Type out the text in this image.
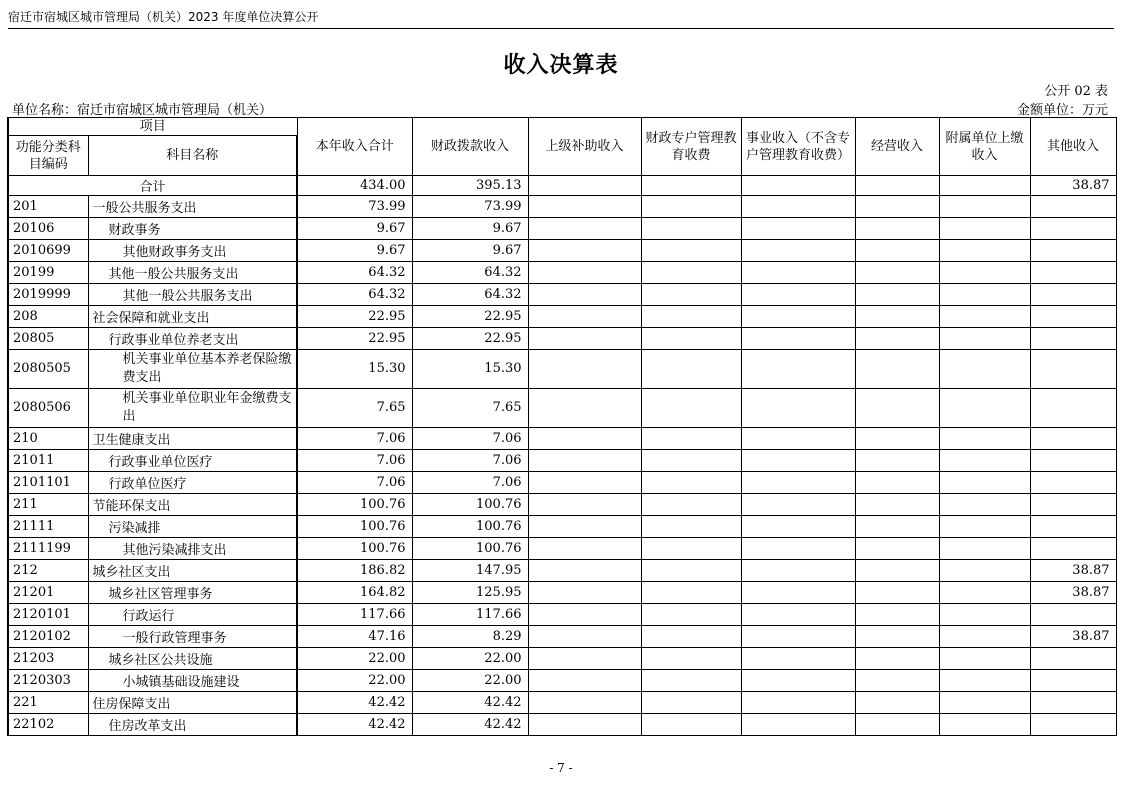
宿迁市宿城区城市管理局（机关）2023 年度单位决算公开
收入决算表
公开 02 表
单位名称：宿迁市宿城区城市管理局（机关）	金额单位：万元
项目		本年收入合计	财政拨款收入	上级补助收入	财政专户管理教育收费	事业收入（不含专户管理教育收费）	经营收入	附属单位上缴收入	其他收入
功能分类科目编码	科目名称								
合计		434.00	395.13						38.87
201	一般公共服务支出	73.99	73.99						
20106	财政事务	9.67	9.67						
2010699	其他财政事务支出	9.67	9.67						
20199	其他一般公共服务支出	64.32	64.32						
2019999	其他一般公共服务支出	64.32	64.32						
208	社会保障和就业支出	22.95	22.95						
20805	行政事业单位养老支出	22.95	22.95						
2080505	机关事业单位基本养老保险缴费支出	15.30	15.30						
2080506	机关事业单位职业年金缴费支出	7.65	7.65						
210	卫生健康支出	7.06	7.06						
21011	行政事业单位医疗	7.06	7.06						
2101101	行政单位医疗	7.06	7.06						
211	节能环保支出	100.76	100.76						
21111	污染减排	100.76	100.76						
2111199	其他污染减排支出	100.76	100.76						
212	城乡社区支出	186.82	147.95						38.87
21201	城乡社区管理事务	164.82	125.95						38.87
2120101	行政运行	117.66	117.66						
2120102	一般行政管理事务	47.16	8.29						38.87
21203	城乡社区公共设施	22.00	22.00						
2120303	小城镇基础设施建设	22.00	22.00						
221	住房保障支出	42.42	42.42						
22102	住房改革支出	42.42	42.42						
- 7 -
